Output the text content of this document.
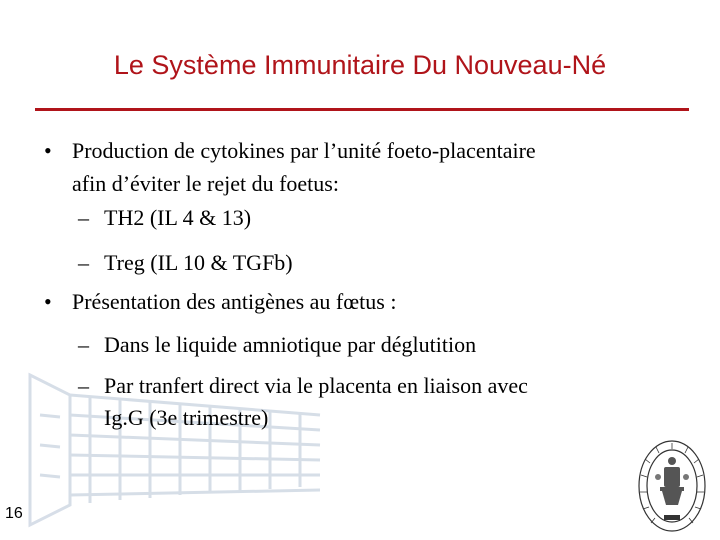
Le Système Immunitaire Du Nouveau-Né
• Production de cytokines par l’unité foeto-placentaire
afin d’éviter le rejet du foetus:
– TH2 (IL 4 & 13)
– Treg (IL 10 & TGFb)
• Présentation des antigènes au fœtus :
– Dans le liquide amniotique par déglutition
– Par tranfert direct via le placenta en liaison avec
Ig.G (3e trimestre)
16
